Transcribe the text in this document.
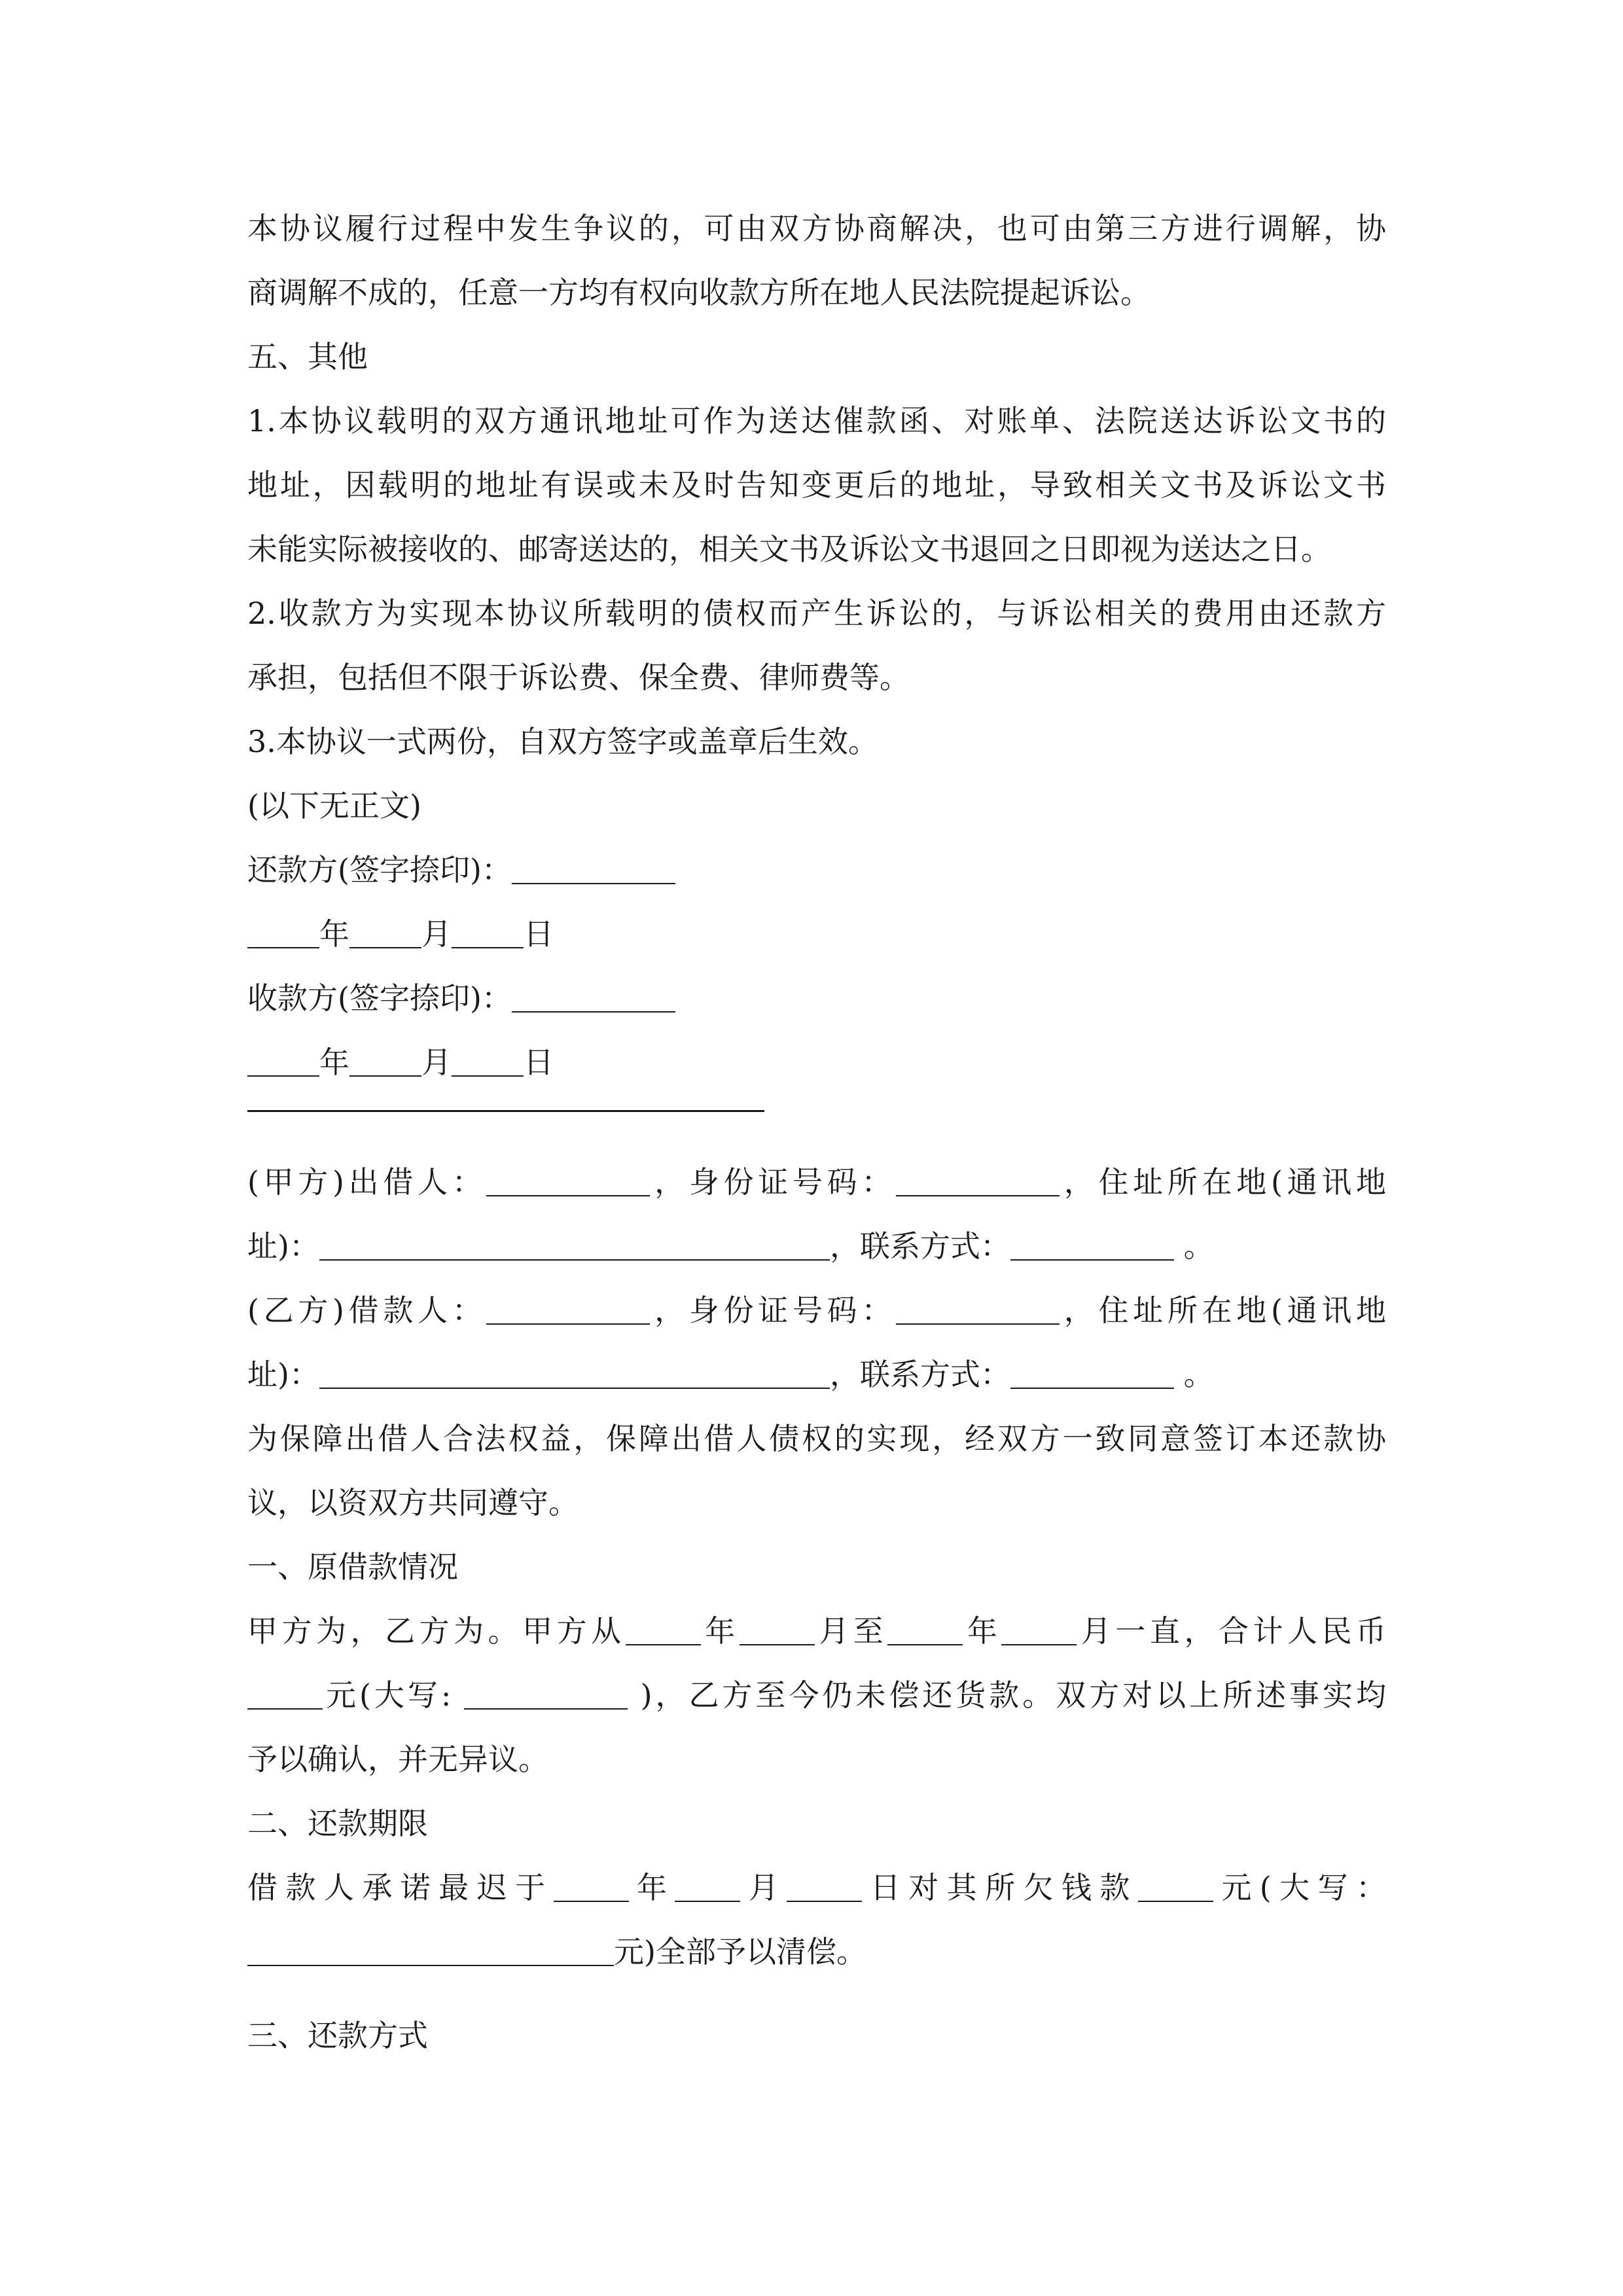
本协议履行过程中发生争议的，可由双方协商解决，也可由第三方进行调解，协
商调解不成的，任意一方均有权向收款方所在地人民法院提起诉讼。
五、其他
1.本协议载明的双方通讯地址可作为送达催款函、对账单、法院送达诉讼文书的
地址，因载明的地址有误或未及时告知变更后的地址，导致相关文书及诉讼文书
未能实际被接收的、邮寄送达的，相关文书及诉讼文书退回之日即视为送达之日。
2.收款方为实现本协议所载明的债权而产生诉讼的，与诉讼相关的费用由还款方
承担，包括但不限于诉讼费、保全费、律师费等。
3.本协议一式两份，自双方签字或盖章后生效。
(以下无正文)
还款方(签字捺印)：
年 月 日
收款方(签字捺印)：
年 月 日
(甲方)出借人：	，身份证号码：	，住址所在地(通讯地
址)：	，联系方式：	。
(乙方)借款人：	，身份证号码：	，住址所在地(通讯地
址)：	，联系方式：	。
为保障出借人合法权益，保障出借人债权的实现，经双方一致同意签订本还款协
议，以资双方共同遵守。
一、原借款情况
甲方为，乙方为。甲方从	年	月至	年	月一直，合计人民币
元(大写:	)，乙方至今仍未偿还货款。双方对以上所述事实均
予以确认，并无异议。
二、还款期限
借款人承诺最迟于	年 月	日对其所欠钱款	元(大写：
元)全部予以清偿。
三、还款方式
